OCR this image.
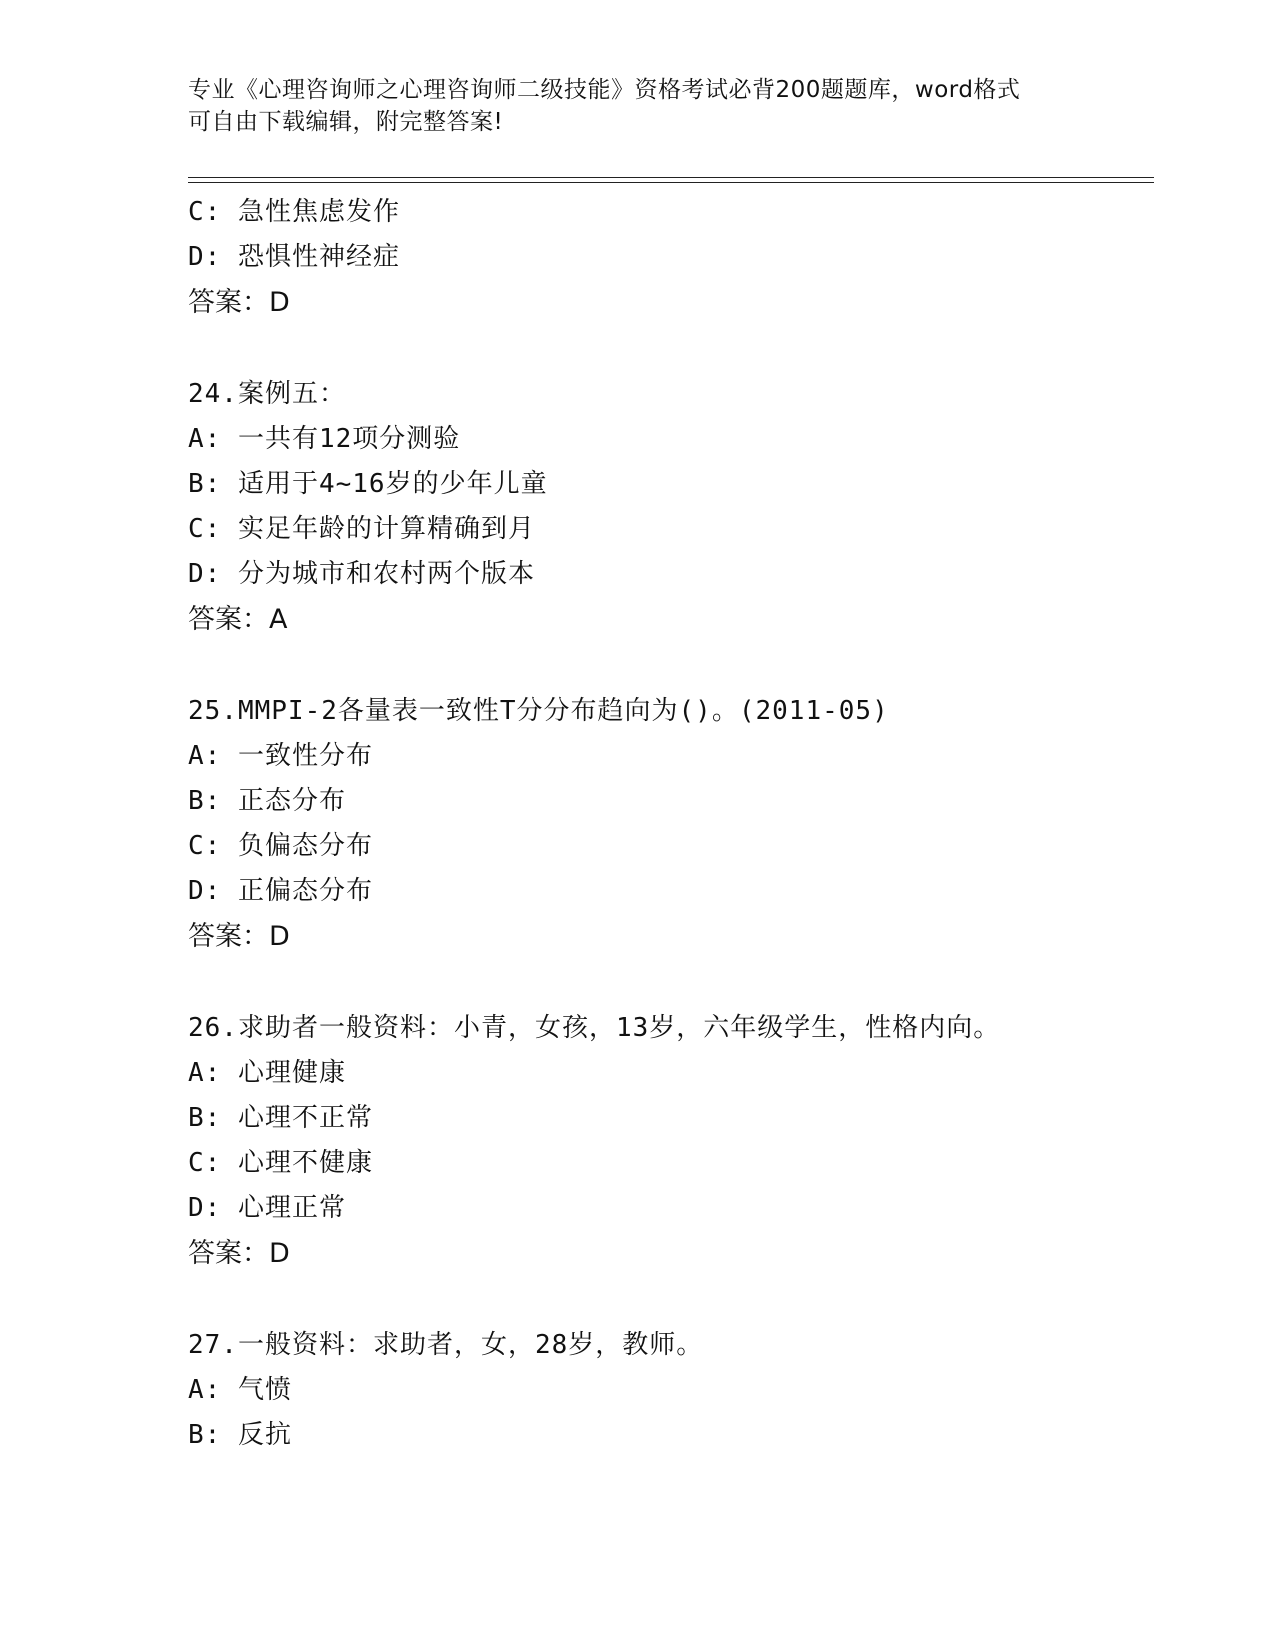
专业《心理咨询师之心理咨询师二级技能》资格考试必背200题题库，word格式
可自由下载编辑，附完整答案!
C: 急性焦虑发作
D: 恐惧性神经症
答案：D
24.案例五：
A: 一共有12项分测验
B: 适用于4~16岁的少年儿童
C: 实足年龄的计算精确到月
D: 分为城市和农村两个版本
答案：A
25.MMPI-2各量表一致性T分分布趋向为()。(2011-05)
A: 一致性分布
B: 正态分布
C: 负偏态分布
D: 正偏态分布
答案：D
26.求助者一般资料：小青，女孩，13岁，六年级学生，性格内向。
A: 心理健康
B: 心理不正常
C: 心理不健康
D: 心理正常
答案：D
27.一般资料：求助者，女，28岁，教师。
A: 气愤
B: 反抗
